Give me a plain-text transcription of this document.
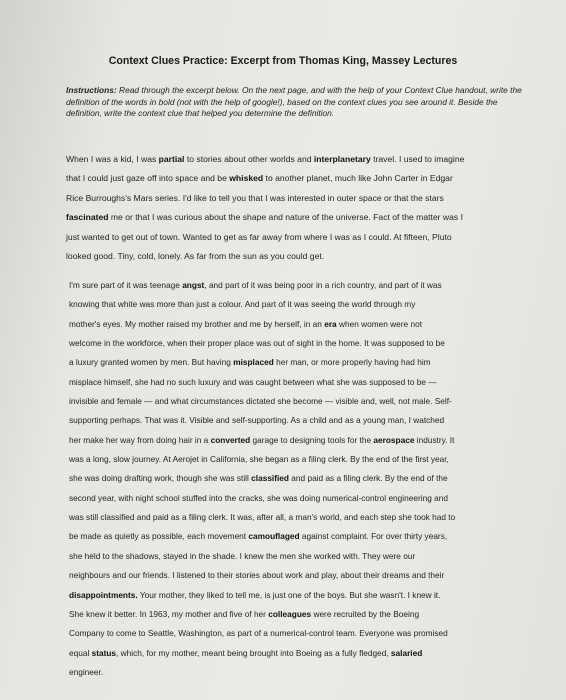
Context Clues Practice: Excerpt from Thomas King, Massey Lectures
Instructions: Read through the excerpt below. On the next page, and with the help of your Context Clue handout, write the definition of the words in bold (not with the help of google!), based on the context clues you see around it. Beside the definition, write the context clue that helped you determine the definition.
When I was a kid, I was partial to stories about other worlds and interplanetary travel. I used to imagine
that I could just gaze off into space and be whisked to another planet, much like John Carter in Edgar
Rice Burroughs's Mars series. I'd like to tell you that I was interested in outer space or that the stars
fascinated me or that I was curious about the shape and nature of the universe. Fact of the matter was I
just wanted to get out of town. Wanted to get as far away from where I was as I could. At fifteen, Pluto
looked good. Tiny, cold, lonely. As far from the sun as you could get.
I'm sure part of it was teenage angst, and part of it was being poor in a rich country, and part of it was
knowing that white was more than just a colour. And part of it was seeing the world through my
mother's eyes. My mother raised my brother and me by herself, in an era when women were not
welcome in the workforce, when their proper place was out of sight in the home. It was supposed to be
a luxury granted women by men. But having misplaced her man, or more properly having had him
misplace himself, she had no such luxury and was caught between what she was supposed to be —
invisible and female — and what circumstances dictated she become — visible and, well, not male. Self-
supporting perhaps. That was it. Visible and self-supporting. As a child and as a young man, I watched
her make her way from doing hair in a converted garage to designing tools for the aerospace industry. It
was a long, slow journey. At Aerojet in California, she began as a filing clerk. By the end of the first year,
she was doing drafting work, though she was still classified and paid as a filing clerk. By the end of the
second year, with night school stuffed into the cracks, she was doing numerical-control engineering and
was still classified and paid as a filing clerk. It was, after all, a man's world, and each step she took had to
be made as quietly as possible, each movement camouflaged against complaint. For over thirty years,
she held to the shadows, stayed in the shade. I knew the men she worked with. They were our
neighbours and our friends. I listened to their stories about work and play, about their dreams and their
disappointments. Your mother, they liked to tell me, is just one of the boys. But she wasn't. I knew it.
She knew it better. In 1963, my mother and five of her colleagues were recruited by the Boeing
Company to come to Seattle, Washington, as part of a numerical-control team. Everyone was promised
equal status, which, for my mother, meant being brought into Boeing as a fully fledged, salaried
engineer.
